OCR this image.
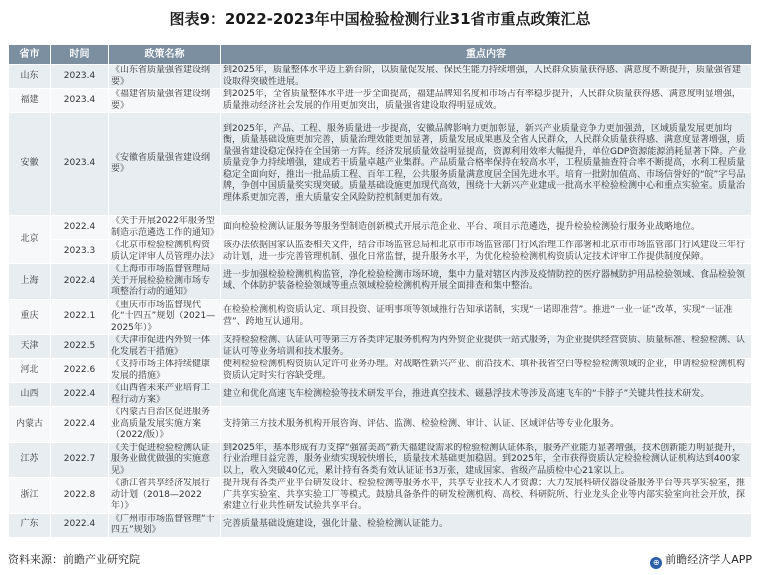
图表9：2022-2023年中国检验检测行业31省市重点政策汇总
省市	时间	政策名称	重点内容
山东	2023.4	《山东省质量强省建设纲要》	到2025年，质量整体水平迈上新台阶，以质量促发展、保民生能力持续增强，人民群众质量获得感、满意度不断提升，质量强省建设取得突破性进展。
福建	2023.4	《福建省质量强省建设纲要》	到2025年，全省质量整体水平进一步全面提高，福建品牌知名度和市场占有率稳步提升，人民群众质量获得感、满意度明显增强，质量推动经济社会发展的作用更加突出，质量强省建设取得明显成效。
安徽	2023.4	《安徽省质量强省建设纲要》	到2025年，产品、工程、服务质量进一步提高，安徽品牌影响力更加彰显，新兴产业质量竞争力更加强劲，区域质量发展更加均衡，质量基础设施更加完善，质量治理效能更加显著，质量发展成果惠及全省人民群众，人民群众质量获得感、满意度显著增强，质量强省建设稳定保持在全国第一方阵。经济发展质量效益明显提高，资源利用效率大幅提升，单位GDP资源能源消耗显著下降。产业质量竞争力持续增强，建成若干质量卓越产业集群。产品质量合格率保持在较高水平，工程质量抽查符合率不断提高，水利工程质量稳定全面向好，推出一批品质工程、百年工程，公共服务质量满意度居全国先进水平。培育一批附加值高、市场信誉好的“皖”字号品牌，争创中国质量奖实现突破。质量基础设施更加现代高效，围绕十大新兴产业建成一批高水平检验检测中心和重点实验室。质量治理体系更加完善，重大质量安全风险防控机制更加有效。
北京	2022.4	《关于开展2022年服务型制造示范遴选工作的通知》	面向检验检测认证服务等服务型制造创新模式开展示范企业、平台、项目示范遴选，提升检验检测验行服务业战略地位。
	2023.3	《北京市检验检测机构资质认定评审人员管理办法》	该办法依据国家认监委相关文件，结合市场监管总局和北京市市场监管部门行风治理工作部署和北京市市场监管部门行风建设三年行动计划，进一步完善管理机制、强化日常监督，提升服务水平，为优化检验检测机构资质认定技术评审工作提供制度保障。
上海	2022.4	《上海市市场监督管理局关于开展检验检测市场专项整治行动的通知》	进一步加强检验检测机构监管，净化检验检测市场环境，集中力量对辖区内涉及疫情防控的医疗器械防护用品检验领域、食品检验领域、个体防护装备检验领域等重点领域检验检测机构开展全面排查和集中整治。
重庆	2022.1	《重庆市市场监督现代化“十四五”规划（2021—2025年）》	在检验检测机构资质认定、项目投资、证明事项等领域推行告知承诺制，实现“一诺即准营”。推进“一业一证”改革，实现“一证准营”、跨地互认通用。
天津	2022.5	《天津市促进内外贸一体化发展若干措施》	支持检验检测、认证认可等第三方各类评定服务机构为内外贸企业提供一站式服务，为企业提供经营资质、质量标准、检验检测、认证认可等业务培训和技术服务。
河北	2022.6	《支持市场主体持续健康发展的措施》	便利检验检测机构资质认定许可业务办理。对战略性新兴产业、前沿技术、填补我省空白等检验检测领域的企业，申请检验检测机构资质认定时实行容缺受理。
山西	2022.4	《山西省未来产业培育工程行动方案》	建立和优化高速飞车检测检验等技术研发平台，推进真空技术、磁悬浮技术等涉及高速飞车的“卡脖子”关键共性技术研发。
内蒙古	2022.4	《内蒙古自治区促进服务业高质量发展实施方案（2022/版）》	支持第三方技术服务机构开展咨询、评估、监测、检验检测、审计、认证、区域评估等专业化服务。
江苏	2022.7	《关于促进检验检测认证服务业做优做强的实施意见》	到2025年，基本形成有力支撑“强富美高”新天福建设需求的检验检测认证体系，服务产业能力显著增强，技术创新能力明显提升，行业治理日益完善，服务业绩实现较快增长，质量技术基础更加稳固。到2025年，全市获得资质认定检验检测认证机构达到400家以上，收入突破40亿元，累计持有各类有效认证证书3万张，建成国家、省级产品质检中心21家以上。
浙江	2022.8	《浙江省共享经济发展行动计划（2018—2022年）》	提升现有各类产业平台研发设计、检验检测等服务水平，共享专业技术人才资源；大力发展科研仪器设备服务平台等共享实验室，推广共享实验室、共享实验工厂等模式。鼓励具备条件的研发检测机构、高校、科研院所、行业龙头企业等内部实验室向社会开放，探索建立行业共性研发试验共享平台。
广东	2022.4	《广州市市场监督管理“十四五”规划》	完善质量基础设施建设，强化计量、检验检测认证能力。
资料来源：前瞻产业研究院	⊕ 前瞻经济学人APP
